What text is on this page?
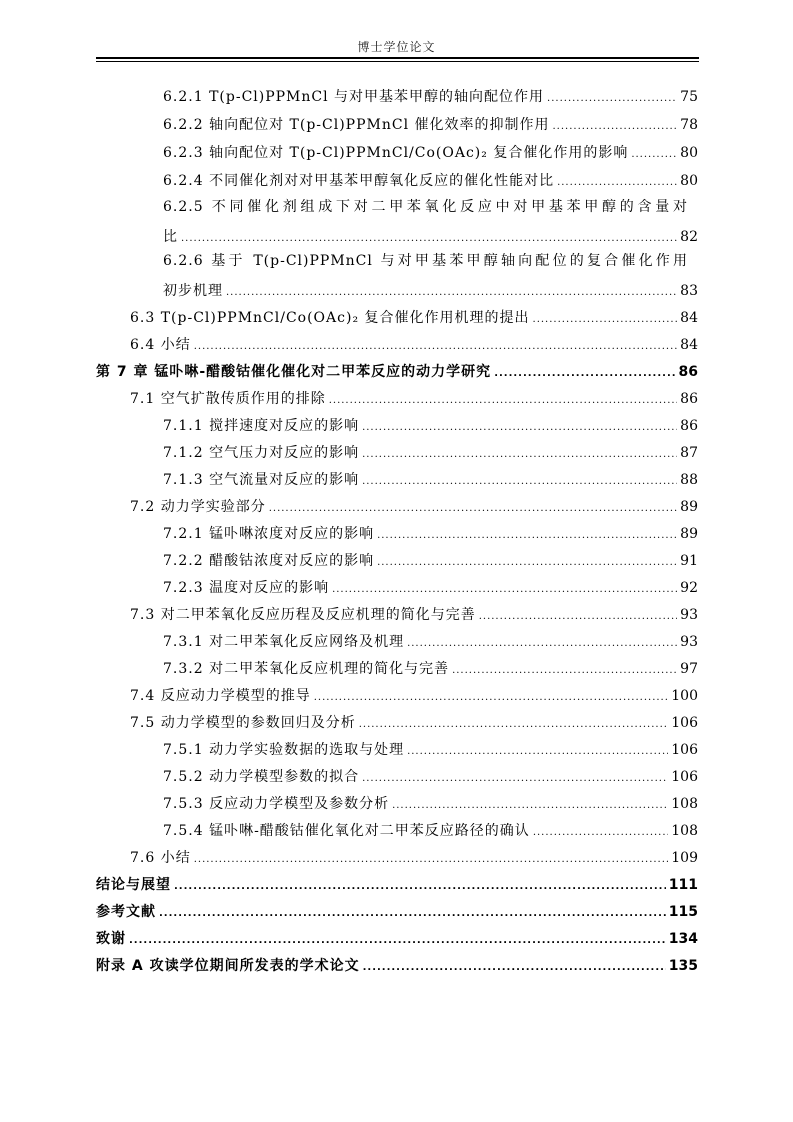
博士学位论文
6.2.1 T(p-Cl)PPMnCl 与对甲基苯甲醇的轴向配位作用 .....	75
6.2.2 轴向配位对 T(p-Cl)PPMnCl 催化效率的抑制作用 .....	78
6.2.3 轴向配位对 T(p-Cl)PPMnCl/Co(OAc)₂ 复合催化作用的影响 .....	80
6.2.4 不同催化剂对对甲基苯甲醇氧化反应的催化性能对比 .....	80
6.2.5 不同催化剂组成下对二甲苯氧化反应中对甲基苯甲醇的含量对
比 .....	82
6.2.6 基于 T(p-Cl)PPMnCl 与对甲基苯甲醇轴向配位的复合催化作用
初步机理 .....	83
6.3 T(p-Cl)PPMnCl/Co(OAc)₂ 复合催化作用机理的提出 .....	84
6.4 小结 .....	84
第 7 章 锰卟啉-醋酸钴催化催化对二甲苯反应的动力学研究 .....	86
7.1 空气扩散传质作用的排除 .....	86
7.1.1 搅拌速度对反应的影响 .....	86
7.1.2 空气压力对反应的影响 .....	87
7.1.3 空气流量对反应的影响 .....	88
7.2 动力学实验部分 .....	89
7.2.1 锰卟啉浓度对反应的影响 .....	89
7.2.2 醋酸钴浓度对反应的影响 .....	91
7.2.3 温度对反应的影响 .....	92
7.3 对二甲苯氧化反应历程及反应机理的简化与完善 .....	93
7.3.1 对二甲苯氧化反应网络及机理 .....	93
7.3.2 对二甲苯氧化反应机理的简化与完善 .....	97
7.4 反应动力学模型的推导 .....	100
7.5 动力学模型的参数回归及分析 .....	106
7.5.1 动力学实验数据的选取与处理 .....	106
7.5.2 动力学模型参数的拟合 .....	106
7.5.3 反应动力学模型及参数分析 .....	108
7.5.4 锰卟啉-醋酸钴催化氧化对二甲苯反应路径的确认 .....	108
7.6 小结 .....	109
结论与展望 .....	111
参考文献 .....	115
致谢 .....	134
附录 A 攻读学位期间所发表的学术论文 .....	135
